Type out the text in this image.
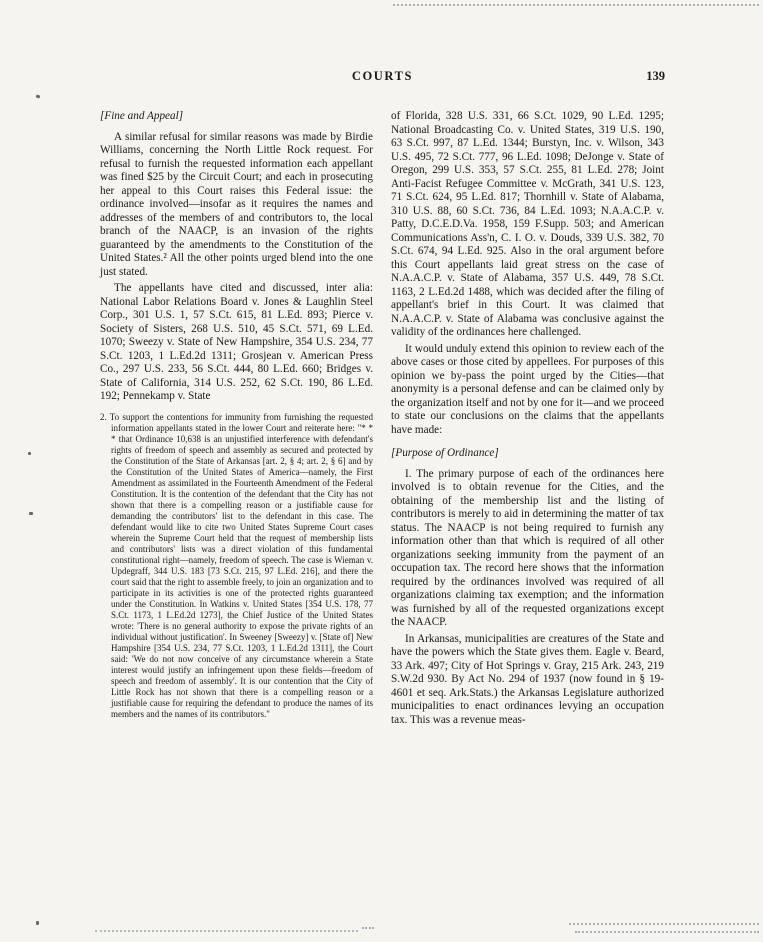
COURTS	139
[Fine and Appeal]

A similar refusal for similar reasons was made by Birdie Williams, concerning the North Little Rock request. For refusal to furnish the requested information each appellant was fined $25 by the Circuit Court; and each in prosecuting her appeal to this Court raises this Federal issue: the ordinance involved—insofar as it requires the names and addresses of the members of and contributors to, the local branch of the NAACP, is an invasion of the rights guaranteed by the amendments to the Constitution of the United States.² All the other points urged blend into the one just stated.

The appellants have cited and discussed, inter alia: National Labor Relations Board v. Jones & Laughlin Steel Corp., 301 U.S. 1, 57 S.Ct. 615, 81 L.Ed. 893; Pierce v. Society of Sisters, 268 U.S. 510, 45 S.Ct. 571, 69 L.Ed. 1070; Sweezy v. State of New Hampshire, 354 U.S. 234, 77 S.Ct. 1203, 1 L.Ed.2d 1311; Grosjean v. American Press Co., 297 U.S. 233, 56 S.Ct. 444, 80 L.Ed. 660; Bridges v. State of California, 314 U.S. 252, 62 S.Ct. 190, 86 L.Ed. 192; Pennekamp v. State

2. To support the contentions for immunity from furnishing the requested information appellants stated in the lower Court and reiterate here: "* * * that Ordinance 10,638 is an unjustified interference with defendant's rights of freedom of speech and assembly as secured and protected by the Constitution of the State of Arkansas [art. 2, § 4; art. 2, § 6] and by the Constitution of the United States of America—namely, the First Amendment as assimilated in the Fourteenth Amendment of the Federal Constitution. It is the contention of the defendant that the City has not shown that there is a compelling reason or a justifiable cause for demanding the contributors' list to the defendant in this case. The defendant would like to cite two United States Supreme Court cases wherein the Supreme Court held that the request of membership lists and contributors' lists was a direct violation of this fundamental constitutional right—namely, freedom of speech. The case is Wieman v. Updegraff, 344 U.S. 183 [73 S.Ct. 215, 97 L.Ed. 216], and there the court said that the right to assemble freely, to join an organization and to participate in its activities is one of the protected rights guaranteed under the Constitution. In Watkins v. United States [354 U.S. 178, 77 S.Ct. 1173, 1 L.Ed.2d 1273], the Chief Justice of the United States wrote: 'There is no general authority to expose the private rights of an individual without justification'. In Sweeney [Sweezy] v. [State of] New Hampshire [354 U.S. 234, 77 S.Ct. 1203, 1 L.Ed.2d 1311], the Court said: 'We do not now conceive of any circumstance wherein a State interest would justify an infringement upon these fields—freedom of speech and freedom of assembly'. It is our contention that the City of Little Rock has not shown that there is a compelling reason or a justifiable cause for requiring the defendant to produce the names of its members and the names of its contributors."

of Florida, 328 U.S. 331, 66 S.Ct. 1029, 90 L.Ed. 1295; National Broadcasting Co. v. United States, 319 U.S. 190, 63 S.Ct. 997, 87 L.Ed. 1344; Burstyn, Inc. v. Wilson, 343 U.S. 495, 72 S.Ct. 777, 96 L.Ed. 1098; DeJonge v. State of Oregon, 299 U.S. 353, 57 S.Ct. 255, 81 L.Ed. 278; Joint Anti-Facist Refugee Committee v. McGrath, 341 U.S. 123, 71 S.Ct. 624, 95 L.Ed. 817; Thornhill v. State of Alabama, 310 U.S. 88, 60 S.Ct. 736, 84 L.Ed. 1093; N.A.A.C.P. v. Patty, D.C.E.D.Va. 1958, 159 F.Supp. 503; and American Communications Ass'n, C. I. O. v. Douds, 339 U.S. 382, 70 S.Ct. 674, 94 L.Ed. 925. Also in the oral argument before this Court appellants laid great stress on the case of N.A.A.C.P. v. State of Alabama, 357 U.S. 449, 78 S.Ct. 1163, 2 L.Ed.2d 1488, which was decided after the filing of appellant's brief in this Court. It was claimed that N.A.A.C.P. v. State of Alabama was conclusive against the validity of the ordinances here challenged.

It would unduly extend this opinion to review each of the above cases or those cited by appellees. For purposes of this opinion we by-pass the point urged by the Cities—that anonymity is a personal defense and can be claimed only by the organization itself and not by one for it—and we proceed to state our conclusions on the claims that the appellants have made:

[Purpose of Ordinance]

I. The primary purpose of each of the ordinances here involved is to obtain revenue for the Cities, and the obtaining of the membership list and the listing of contributors is merely to aid in determining the matter of tax status. The NAACP is not being required to furnish any information other than that which is required of all other organizations seeking immunity from the payment of an occupation tax. The record here shows that the information required by the ordinances involved was required of all organizations claiming tax exemption; and the information was furnished by all of the requested organizations except the NAACP.

In Arkansas, municipalities are creatures of the State and have the powers which the State gives them. Eagle v. Beard, 33 Ark. 497; City of Hot Springs v. Gray, 215 Ark. 243, 219 S.W.2d 930. By Act No. 294 of 1937 (now found in § 19-4601 et seq. Ark.Stats.) the Arkansas Legislature authorized municipalities to enact ordinances levying an occupation tax. This was a revenue meas-
